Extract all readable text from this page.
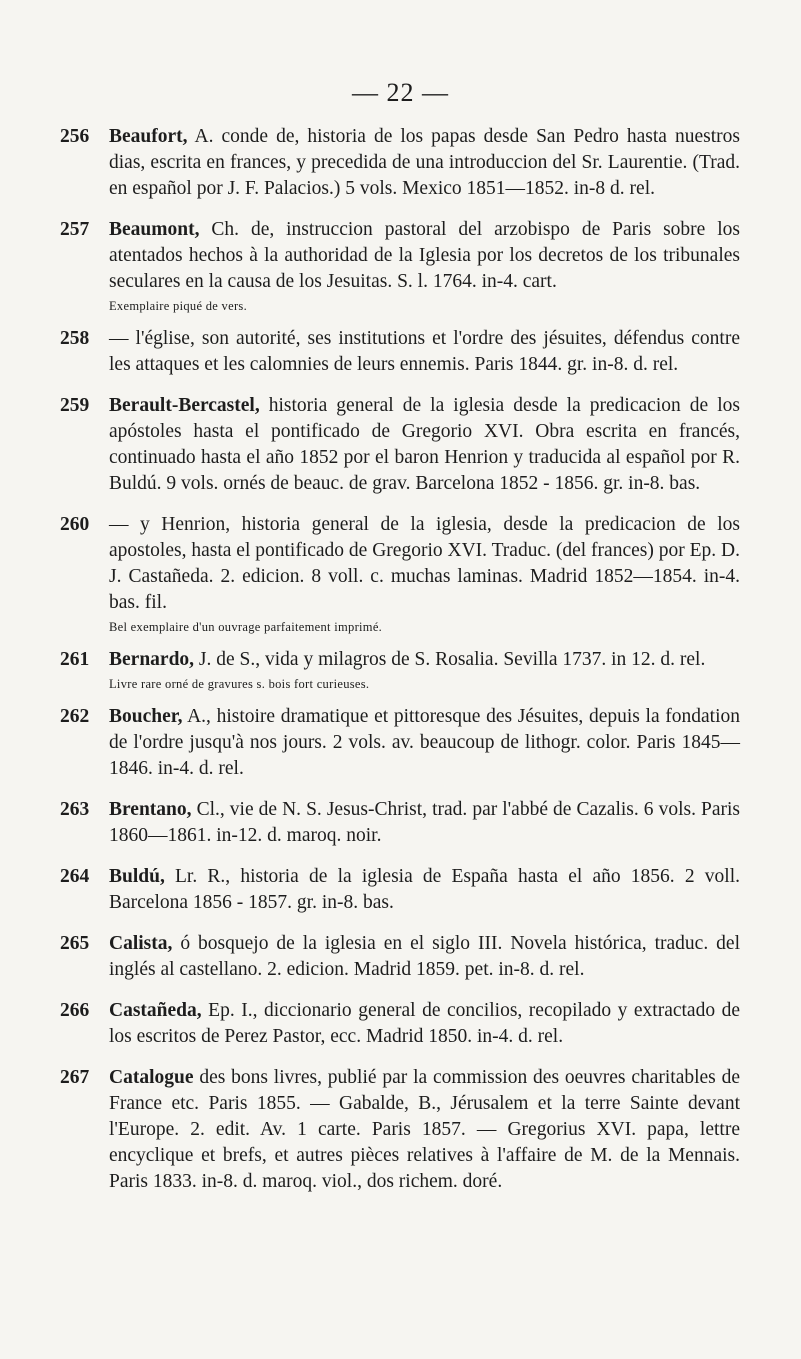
— 22 —
256 Beaufort, A. conde de, historia de los papas desde San Pedro hasta nuestros dias, escrita en frances, y precedida de una introduccion del Sr. Laurentie. (Trad. en español por J. F. Palacios.) 5 vols. Mexico 1851—1852. in-8 d. rel.
257 Beaumont, Ch. de, instruccion pastoral del arzobispo de Paris sobre los atentados hechos à la authoridad de la Iglesia por los decretos de los tribunales seculares en la causa de los Jesuitas. S. l. 1764. in-4. cart.
Exemplaire piqué de vers.
258 — l'église, son autorité, ses institutions et l'ordre des jésuites, défendus contre les attaques et les calomnies de leurs ennemis. Paris 1844. gr. in-8. d. rel.
259 Berault-Bercastel, historia general de la iglesia desde la predicacion de los apóstoles hasta el pontificado de Gregorio XVI. Obra escrita en francés, continuado hasta el año 1852 por el baron Henrion y traducida al español por R. Buldú. 9 vols. ornés de beauc. de grav. Barcelona 1852 - 1856. gr. in-8. bas.
260 — y Henrion, historia general de la iglesia, desde la predicacion de los apostoles, hasta el pontificado de Gregorio XVI. Traduc. (del frances) por Ep. D. J. Castañeda. 2. edicion. 8 voll. c. muchas laminas. Madrid 1852—1854. in-4. bas. fil.
Bel exemplaire d'un ouvrage parfaitement imprimé.
261 Bernardo, J. de S., vida y milagros de S. Rosalia. Sevilla 1737. in 12. d. rel.
Livre rare orné de gravures s. bois fort curieuses.
262 Boucher, A., histoire dramatique et pittoresque des Jésuites, depuis la fondation de l'ordre jusqu'à nos jours. 2 vols. av. beaucoup de lithogr. color. Paris 1845—1846. in-4. d. rel.
263 Brentano, Cl., vie de N. S. Jesus-Christ, trad. par l'abbé de Cazalis. 6 vols. Paris 1860—1861. in-12. d. maroq. noir.
264 Buldú, Lr. R., historia de la iglesia de España hasta el año 1856. 2 voll. Barcelona 1856 - 1857. gr. in-8. bas.
265 Calista, ó bosquejo de la iglesia en el siglo III. Novela histórica, traduc. del inglés al castellano. 2. edicion. Madrid 1859. pet. in-8. d. rel.
266 Castañeda, Ep. I., diccionario general de concilios, recopilado y extractado de los escritos de Perez Pastor, ecc. Madrid 1850. in-4. d. rel.
267 Catalogue des bons livres, publié par la commission des oeuvres charitables de France etc. Paris 1855. — Gabalde, B., Jérusalem et la terre Sainte devant l'Europe. 2. edit. Av. 1 carte. Paris 1857. — Gregorius XVI. papa, lettre encyclique et brefs, et autres pièces relatives à l'affaire de M. de la Mennais. Paris 1833. in-8. d. maroq. viol., dos richem. doré.
